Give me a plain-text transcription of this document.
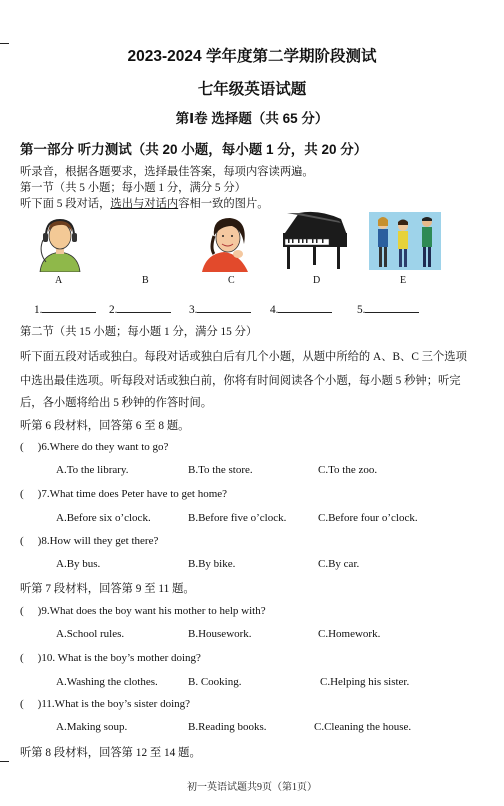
2023-2024 学年度第二学期阶段测试
七年级英语试题
第Ⅰ卷 选择题（共 65 分）
第一部分 听力测试（共 20 小题，每小题 1 分，共 20 分）
听录音，根据各题要求，选择最佳答案，每项内容读两遍。
第一节（共 5 小题；每小题 1 分，满分 5 分）
听下面 5 段对话，选出与对话内容相一致的图片。
A	B	C	D	E
1.	2.	3.	4.	5.
第二节（共 15 小题；每小题 1 分，满分 15 分）
听下面五段对话或独白。每段对话或独白后有几个小题，从题中所给的 A、B、C 三个选项
中选出最佳选项。听每段对话或独白前，你将有时间阅读各个小题，每小题 5 秒钟；听完
后，各小题将给出 5 秒钟的作答时间。
听第 6 段材料，回答第 6 至 8 题。
( )6.Where do they want to go?
A.To the library.	B.To the store.	C.To the zoo.
( )7.What time does Peter have to get home?
A.Before six o’clock.	B.Before five o’clock.	C.Before four o’clock.
( )8.How will they get there?
A.By bus.	B.By bike.	C.By car.
听第 7 段材料，回答第 9 至 11 题。
( )9.What does the boy want his mother to help with?
A.School rules.	B.Housework.	C.Homework.
( )10. What is the boy’s mother doing?
A.Washing the clothes.	B. Cooking.	C.Helping his sister.
( )11.What is the boy’s sister doing?
A.Making soup.	B.Reading books.	C.Cleaning the house.
听第 8 段材料，回答第 12 至 14 题。
初一英语试题共9页（第1页）
